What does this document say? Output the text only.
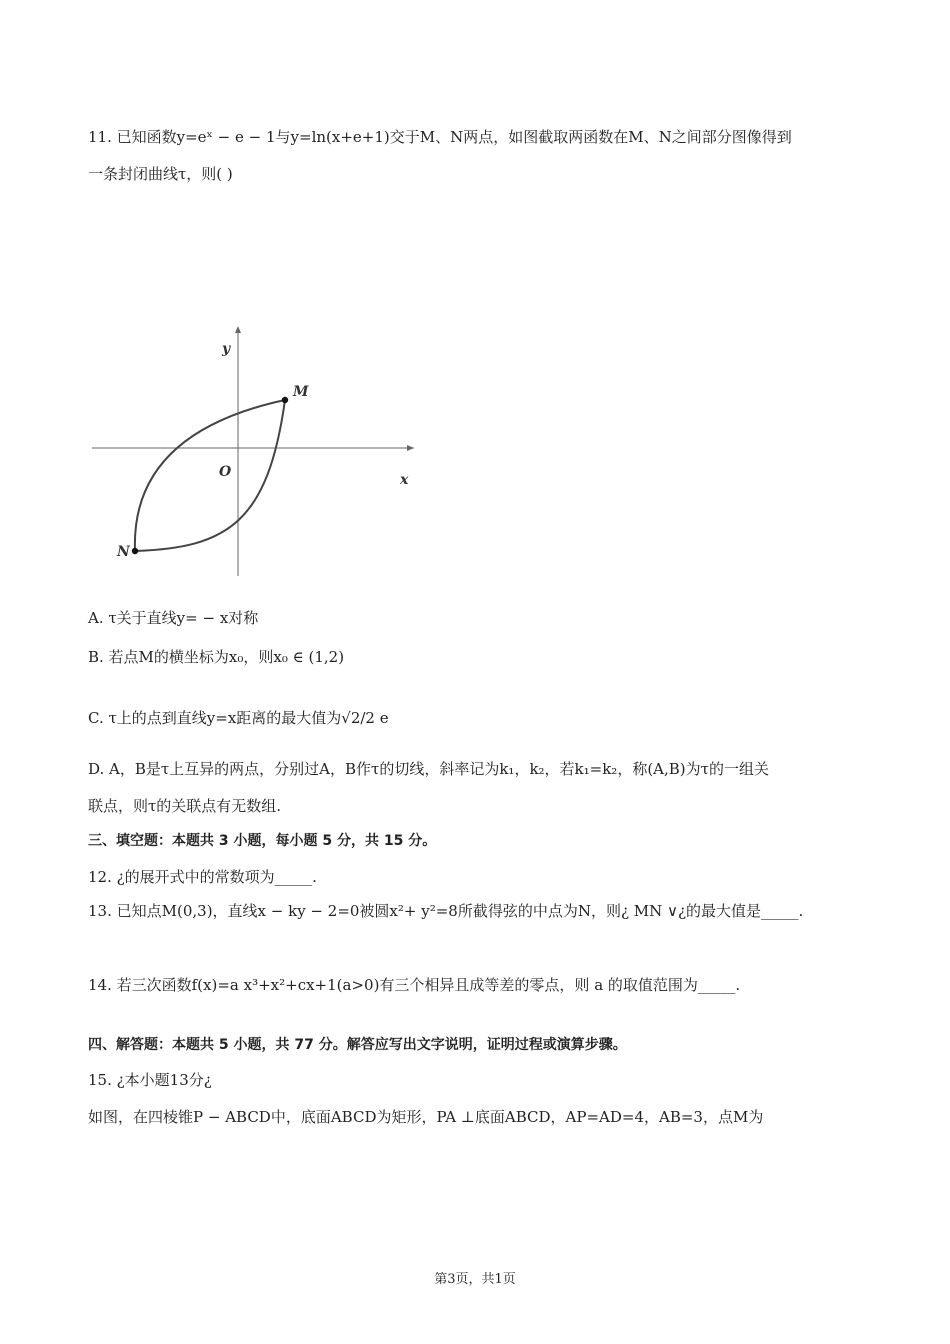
11. 已知函数y=eˣ − e − 1与y=ln(x+e+1)交于M、N两点，如图截取两函数在M、N之间部分图像得到
一条封闭曲线τ，则( )
y
x
O
M
N
A. τ关于直线y= − x对称
B. 若点M的横坐标为x₀，则x₀ ∈ (1,2)
C. τ上的点到直线y=x距离的最大值为√2/2 e
D. A，B是τ上互异的两点，分别过A，B作τ的切线，斜率记为k₁，k₂，若k₁=k₂，称(A,B)为τ的一组关
联点，则τ的关联点有无数组.
三、填空题：本题共 3 小题，每小题 5 分，共 15 分。
12. ¿的展开式中的常数项为_____.
13. 已知点M(0,3)，直线x − ky − 2=0被圆x²+ y²=8所截得弦的中点为N，则¿ MN ∨¿的最大值是_____.
14. 若三次函数f(x)=a x³+x²+cx+1(a>0)有三个相异且成等差的零点，则 a 的取值范围为_____.
四、解答题：本题共 5 小题，共 77 分。解答应写出文字说明，证明过程或演算步骤。
15. ¿本小题13分¿
如图，在四棱锥P − ABCD中，底面ABCD为矩形，PA ⊥底面ABCD，AP=AD=4，AB=3，点M为
第3页，共1页
